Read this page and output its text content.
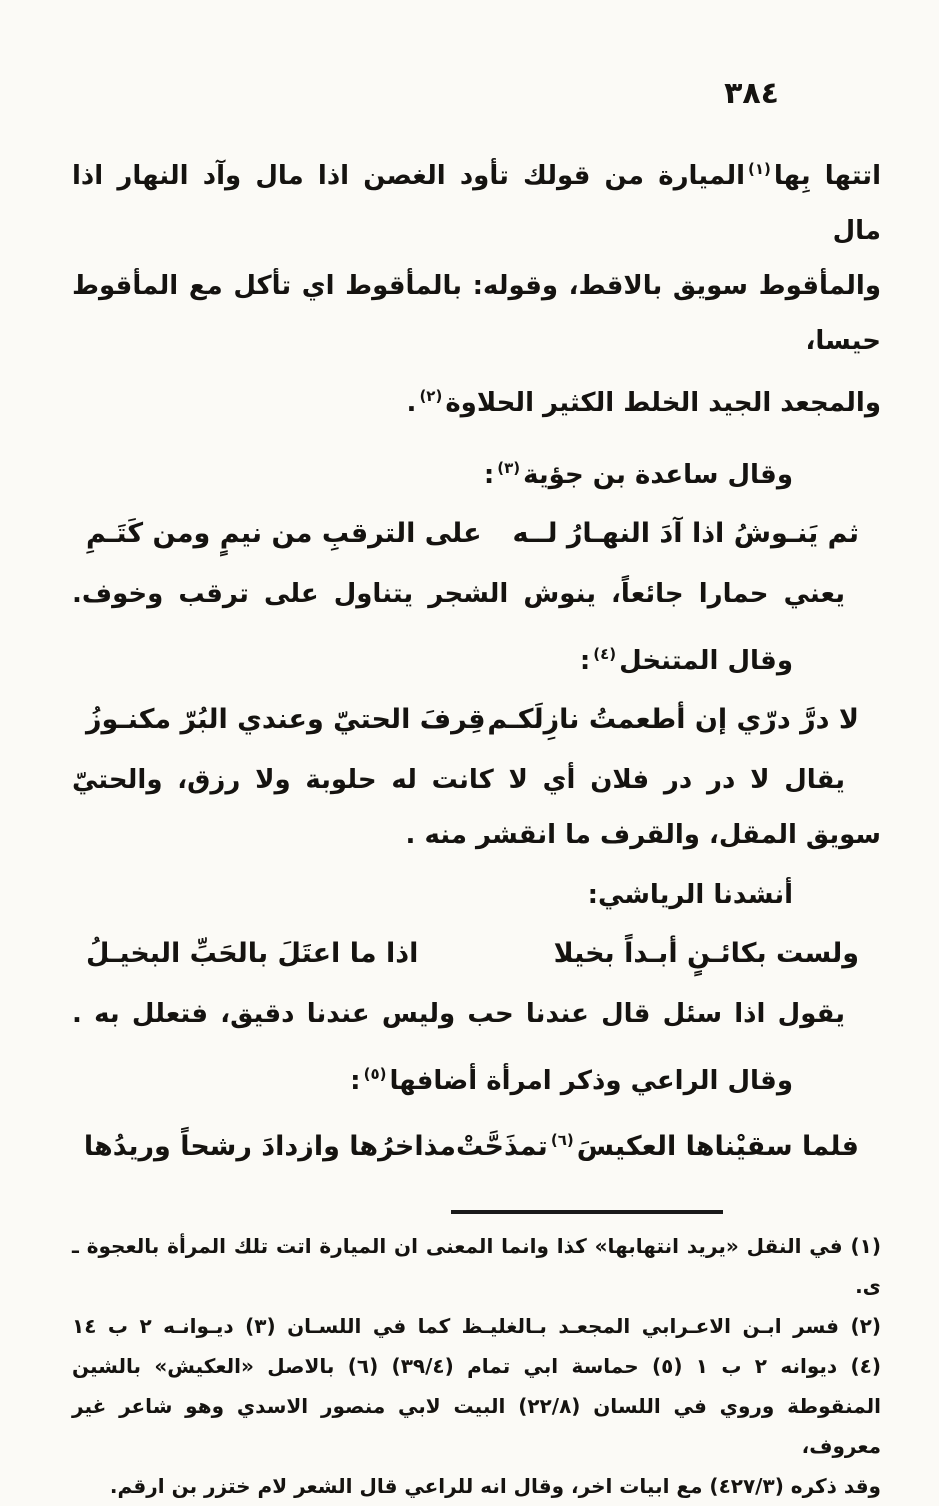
٣٨٤
اتتها بِها$^{(١)}$الميارة من قولك تأود الغصن اذا مال وآد النهار اذا مال
والمأقوط سويق بالاقط، وقوله: بالمأقوط اي تأكل مع المأقوط حيسا،
والمجعد الجيد الخلط الكثير الحلاوة$^{(٢)}$.
وقال ساعدة بن جؤية$^{(٣)}$:
ثم يَنـوشُ اذا آدَ النهـارُ لــه
على الترقبِ من نيمٍ ومن كَتَـمِ
يعني حمارا جائعاً، ينوش الشجر يتناول على ترقب وخوف.
وقال المتنخل$^{(٤)}$:
لا درَّ درّي إن أطعمتُ نازِلَكـم
قِرفَ الحتيّ وعندي البُرّ مكنـوزُ
يقال لا در در فلان أي لا كانت له حلوبة ولا رزق، والحتيّ
سويق المقل، والقرف ما انقشر منه .
أنشدنا الرياشي:
ولست بكائـنٍ أبـداً بخيلا
اذا ما اعتَلَ بالحَبِّ البخيـلُ
يقول اذا سئل قال عندنا حب وليس عندنا دقيق، فتعلل به .
وقال الراعي وذكر امرأة أضافها$^{(٥)}$:
فلما سقيْناها العكيسَ$^{(٦)}$تمذَحَّتْ
مذاخرُها وازدادَ رشحاً وريدُها
(١) في النقل «يريد انتهابها» كذا وانما المعنى ان الميارة اتت تلك المرأة بالعجوة ـ ى.
(٢) فسر ابـن الاعـرابي المجعـد بـالغليـظ كما في اللسـان (٣) ديـوانـه ٢ ب ١٤
(٤) ديوانه ٢ ب ١ (٥) حماسة ابي تمام (٣٩/٤) (٦) بالاصل «العكيش» بالشين
المنقوطة وروي في اللسان (٢٢/٨) البيت لابي منصور الاسدي وهو شاعر غير معروف،
وقد ذكره (٤٢٧/٣) مع ابيات اخر، وقال انه للراعي قال الشعر لام ختزر بن ارقم.
